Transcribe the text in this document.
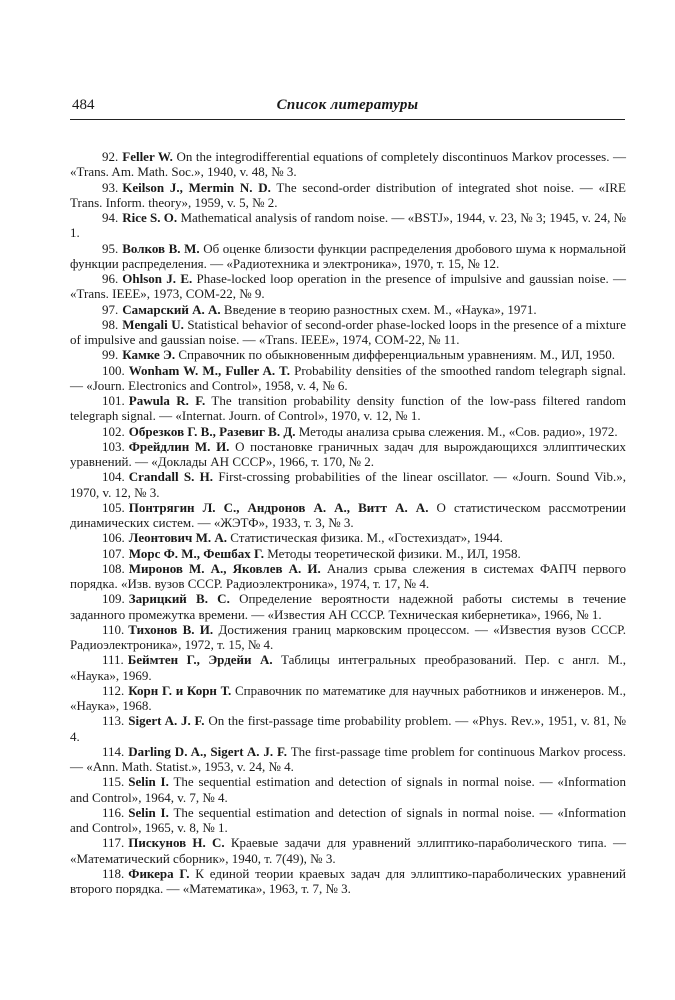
484	Список литературы

92. Feller W. On the integrodifferential equations of completely discontinuos Markov processes. — «Trans. Am. Math. Soc.», 1940, v. 48, № 3.

93. Keilson J., Mermin N. D. The second-order distribution of integrated shot noise. — «IRE Trans. Inform. theory», 1959, v. 5, № 2.

94. Rice S. O. Mathematical analysis of random noise. — «BSTJ», 1944, v. 23, № 3; 1945, v. 24, № 1.

95. Волков В. М. Об оценке близости функции распределения дробового шума к нормальной функции распределения. — «Радиотехника и электроника», 1970, т. 15, № 12.

96. Ohlson J. E. Phase-locked loop operation in the presence of impulsive and gaussian noise. — «Trans. IEEE», 1973, COM-22, № 9.

97. Самарский А. А. Введение в теорию разностных схем. М., «Наука», 1971.

98. Mengali U. Statistical behavior of second-order phase-locked loops in the presence of a mixture of impulsive and gaussian noise. — «Trans. IEEE», 1974, COM-22, № 11.

99. Камке Э. Справочник по обыкновенным дифференциальным уравнениям. М., ИЛ, 1950.

100. Wonham W. M., Fuller A. T. Probability densities of the smoothed random telegraph signal. — «Journ. Electronics and Control», 1958, v. 4, № 6.

101. Pawula R. F. The transition probability density function of the low-pass filtered random telegraph signal. — «Internat. Journ. of Control», 1970, v. 12, № 1.

102. Обрезков Г. В., Разевиг В. Д. Методы анализа срыва слежения. М., «Сов. радио», 1972.

103. Фрейдлин М. И. О постановке граничных задач для вырождающихся эллиптических уравнений. — «Доклады АН СССР», 1966, т. 170, № 2.

104. Crandall S. H. First-crossing probabilities of the linear oscillator. — «Journ. Sound Vib.», 1970, v. 12, № 3.

105. Понтрягин Л. С., Андронов А. А., Витт А. А. О статистическом рассмотрении динамических систем. — «ЖЭТФ», 1933, т. 3, № 3.

106. Леонтович М. А. Статистическая физика. М., «Гостехиздат», 1944.

107. Морс Ф. М., Фешбах Г. Методы теоретической физики. М., ИЛ, 1958.

108. Миронов М. А., Яковлев А. И. Анализ срыва слежения в системах ФАПЧ первого порядка. «Изв. вузов СССР. Радиоэлектроника», 1974, т. 17, № 4.

109. Зарицкий В. С. Определение вероятности надежной работы системы в течение заданного промежутка времени. — «Известия АН СССР. Техническая кибернетика», 1966, № 1.

110. Тихонов В. И. Достижения границ марковским процессом. — «Известия вузов СССР. Радиоэлектроника», 1972, т. 15, № 4.

111. Беймтен Г., Эрдейи А. Таблицы интегральных преобразований. Пер. с англ. М., «Наука», 1969.

112. Корн Г. и Корн Т. Справочник по математике для научных работников и инженеров. М., «Наука», 1968.

113. Sigert A. J. F. On the first-passage time probability problem. — «Phys. Rev.», 1951, v. 81, № 4.

114. Darling D. A., Sigert A. J. F. The first-passage time problem for continuous Markov process. — «Ann. Math. Statist.», 1953, v. 24, № 4.

115. Selin I. The sequential estimation and detection of signals in normal noise. — «Information and Control», 1964, v. 7, № 4.

116. Selin I. The sequential estimation and detection of signals in normal noise. — «Information and Control», 1965, v. 8, № 1.

117. Пискунов Н. С. Краевые задачи для уравнений эллиптико-параболического типа. — «Математический сборник», 1940, т. 7(49), № 3.

118. Фикера Г. К единой теории краевых задач для эллиптико-параболических уравнений второго порядка. — «Математика», 1963, т. 7, № 3.
